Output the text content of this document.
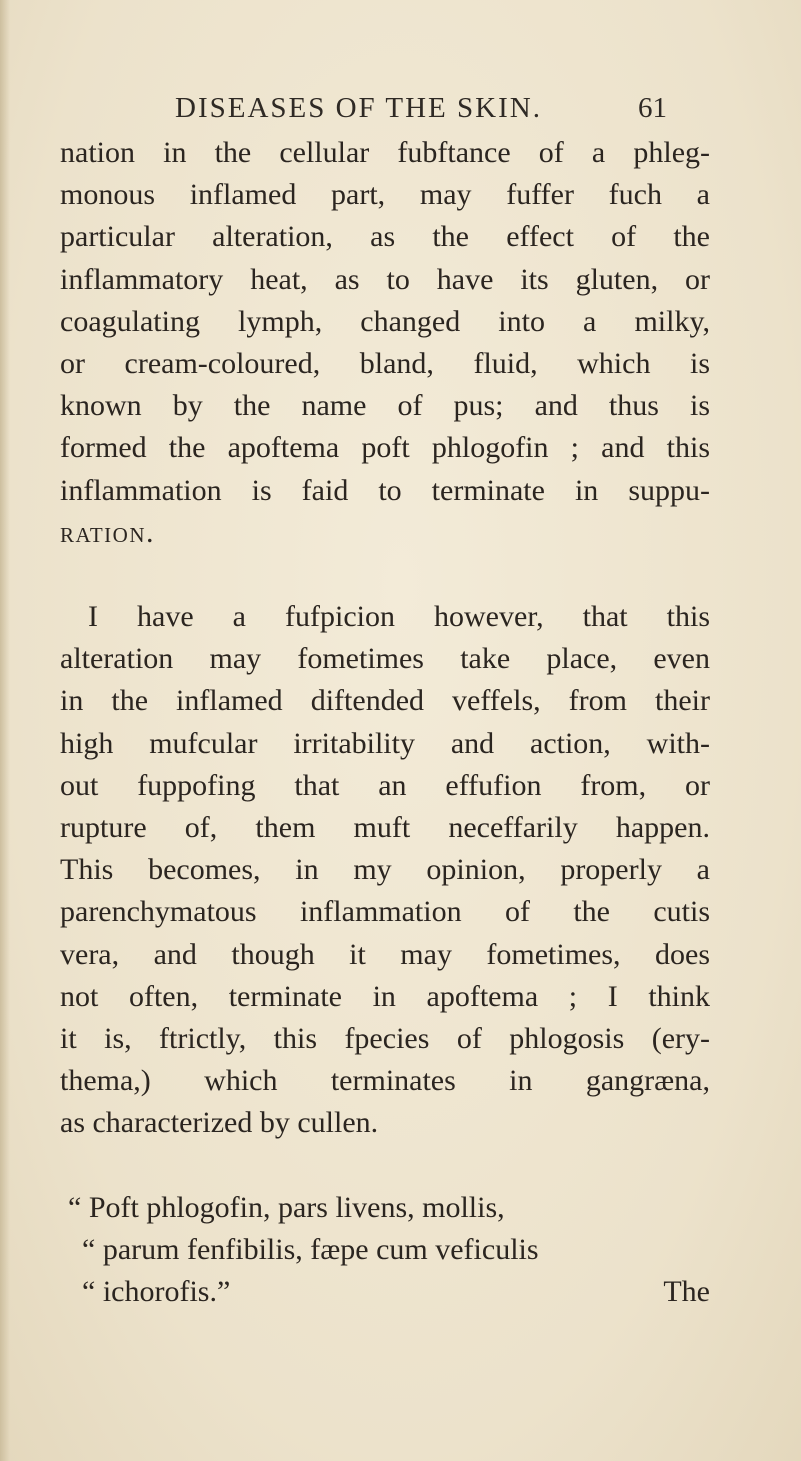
DISEASES OF THE SKIN.	61
nation in the cellular fubftance of a phleg-
monous inflamed part, may fuffer fuch a
particular alteration, as the effect of the
inflammatory heat, as to have its gluten, or
coagulating lymph, changed into a milky,
or cream-coloured, bland, fluid, which is
known by the name of pus; and thus is
formed the apoftema poft phlogofin ; and this
inflammation is faid to terminate in suppu-
ration.
I have a fufpicion however, that this
alteration may fometimes take place, even
in the inflamed diftended veffels, from their
high mufcular irritability and action, with-
out fuppofing that an effufion from, or
rupture of, them muft neceffarily happen.
This becomes, in my opinion, properly a
parenchymatous inflammation of the cutis
vera, and though it may fometimes, does
not often, terminate in apoftema ; I think
it is, ftrictly, this fpecies of phlogosis (ery-
thema,) which terminates in gangræna,
as characterized by cullen.
“ Poft phlogofin, pars livens, mollis,
“ parum fenfibilis, fæpe cum veficulis
“ ichorofis.”	The
